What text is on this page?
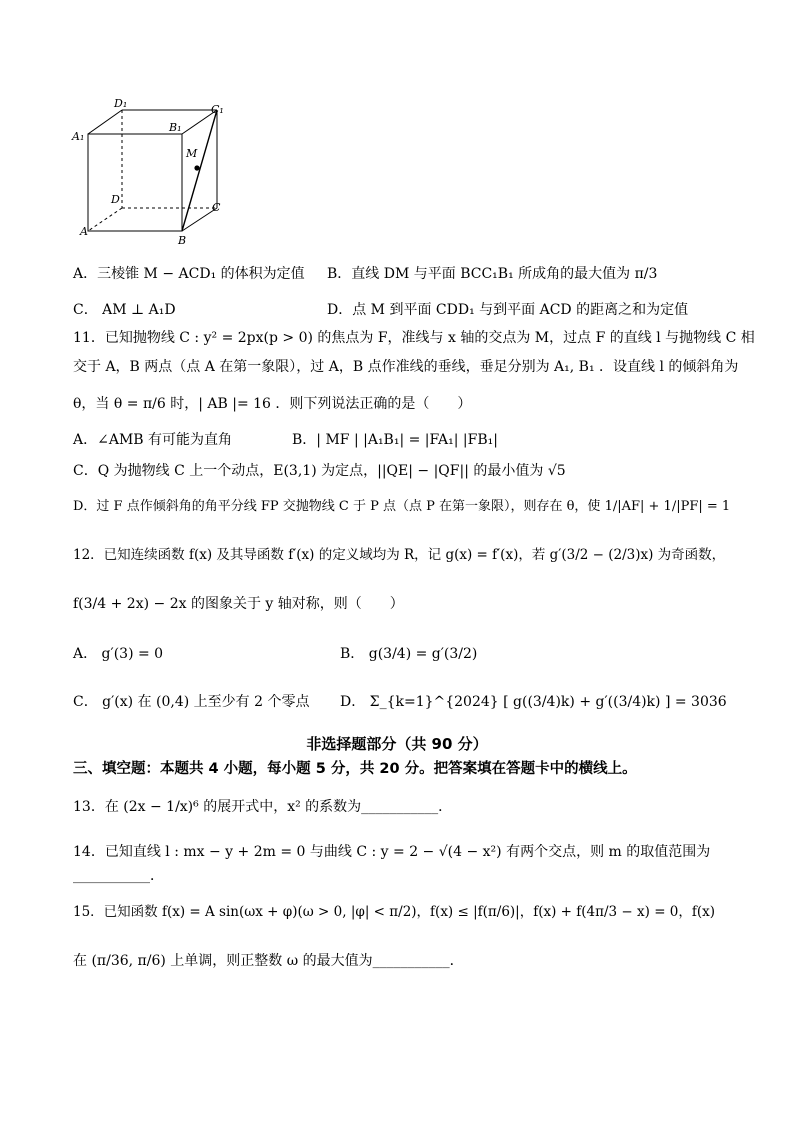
D₁	C₁
A₁
B₁
M
D
C
A
B
A．三棱锥 M − ACD₁ 的体积为定值 B．直线 DM 与平面 BCC₁B₁ 所成角的最大值为 π/3
C． AM ⊥ A₁D	D．点 M 到平面 CDD₁ 与到平面 ACD 的距离之和为定值
11．已知抛物线 C : y² = 2px(p > 0) 的焦点为 F，准线与 x 轴的交点为 M，过点 F 的直线 l 与抛物线 C 相
交于 A，B 两点（点 A 在第一象限），过 A，B 点作准线的垂线，垂足分别为 A₁, B₁ ．设直线 l 的倾斜角为
θ，当 θ = π/6 时，| AB |= 16 ．则下列说法正确的是（　　）
A．∠AMB 有可能为直角	B．| MF | |A₁B₁| = |FA₁| |FB₁|
C．Q 为抛物线 C 上一个动点，E(3,1) 为定点，||QE| − |QF|| 的最小值为 √5
D．过 F 点作倾斜角的角平分线 FP 交抛物线 C 于 P 点（点 P 在第一象限），则存在 θ，使 1/|AF| + 1/|PF| = 1
12．已知连续函数 f(x) 及其导函数 f′(x) 的定义域均为 R，记 g(x) = f′(x)，若 g′(3/2 − (2/3)x) 为奇函数，
f(3/4 + 2x) − 2x 的图象关于 y 轴对称，则（　　）
A． g′(3) = 0	B． g(3/4) = g′(3/2)
C． g′(x) 在 (0,4) 上至少有 2 个零点 D． Σ_{k=1}^{2024} [ g((3/4)k) + g′((3/4)k) ] = 3036
非选择题部分（共 90 分）
三、填空题：本题共 4 小题，每小题 5 分，共 20 分。把答案填在答题卡中的横线上。
13．在 (2x − 1/x)⁶ 的展开式中，x² 的系数为___________．
14．已知直线 l : mx − y + 2m = 0 与曲线 C : y = 2 − √(4 − x²) 有两个交点，则 m 的取值范围为
___________．
15．已知函数 f(x) = A sin(ωx + φ)(ω > 0, |φ| < π/2)，f(x) ≤ |f(π/6)|，f(x) + f(4π/3 − x) = 0，f(x)
在 (π/36, π/6) 上单调，则正整数 ω 的最大值为___________．
